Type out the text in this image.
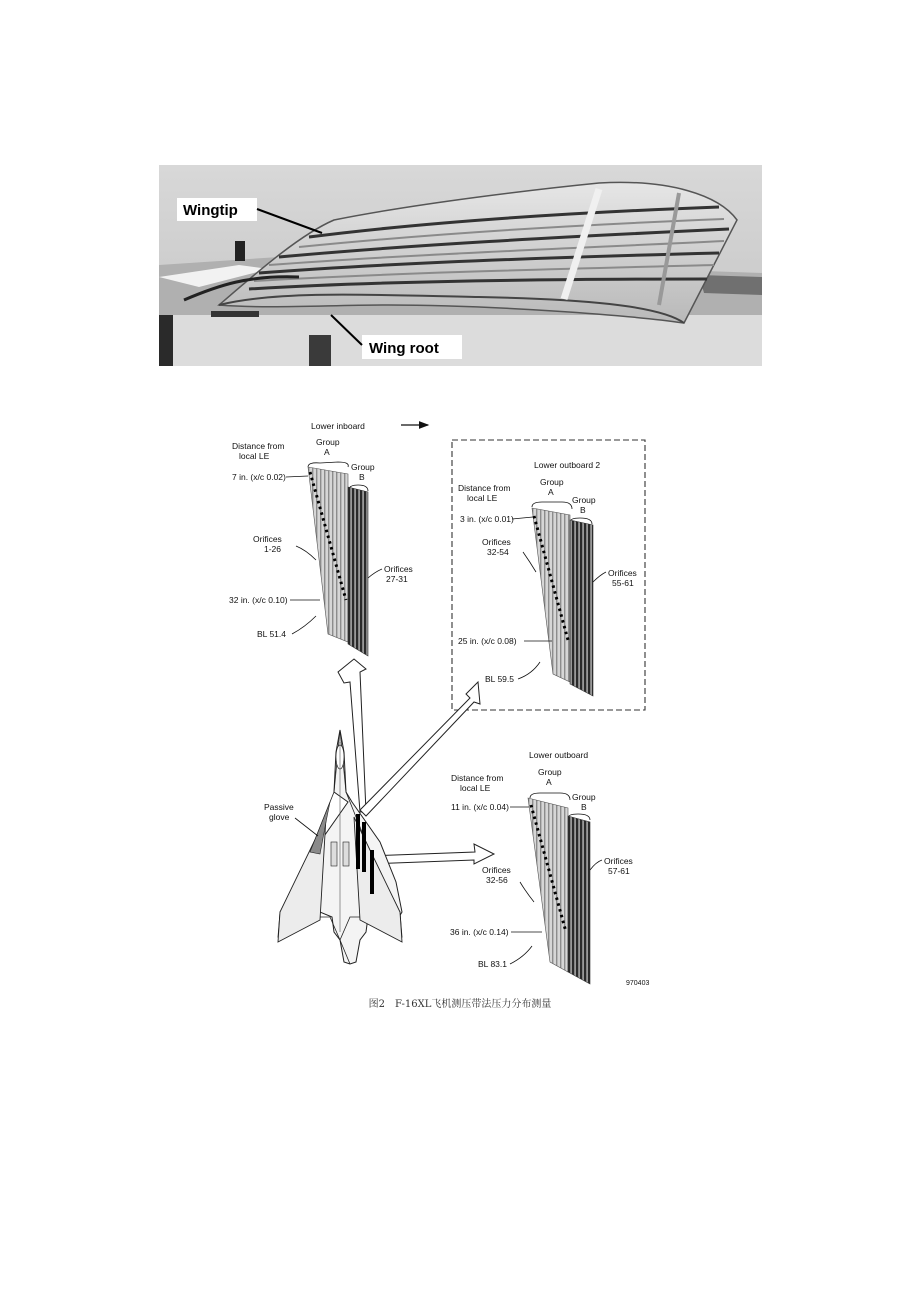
Wingtip
Wing root
Lower inboard
Distance from
local LE
Group
A
Group
B
7 in. (x/c 0.02)
Orifices
1-26
Orifices
27-31
32 in. (x/c 0.10)
BL 51.4
Lower outboard 2
Distance from
local LE
Group
A
Group
B
3 in. (x/c 0.01)
Orifices
32-54
Orifices
55-61
25 in. (x/c 0.08)
BL 59.5
Lower outboard
Distance from
local LE
Group
A
Group
B
11 in. (x/c 0.04)
Orifices
32-56
Orifices
57-61
36 in. (x/c 0.14)
BL 83.1
970403
Passive
glove
图2　F-16XL飞机测压带法压力分布测量
